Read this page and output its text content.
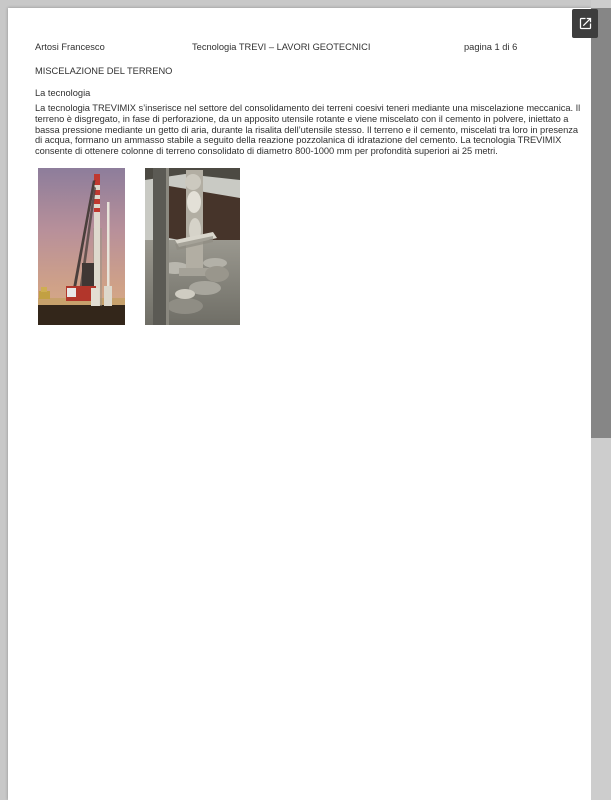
Artosi Francesco	Tecnologia TREVI – LAVORI GEOTECNICI	pagina 1 di 6
MISCELAZIONE DEL TERRENO
La tecnologia

La tecnologia TREVIMIX s’inserisce nel settore del consolidamento dei terreni coesivi teneri mediante una miscelazione meccanica. Il terreno è disgregato, in fase di perforazione, da un apposito utensile rotante e viene miscelato con il cemento in polvere, iniettato a bassa pressione mediante un getto di aria, durante la risalita dell’utensile stesso. Il terreno e il cemento, miscelati tra loro in presenza di acqua, formano un ammasso stabile a seguito della reazione pozzolanica di idratazione del cemento. La tecnologia TREVIMIX consente di ottenere colonne di terreno consolidato di diametro 800-1000 mm per profondità superiori ai 25 metri.
